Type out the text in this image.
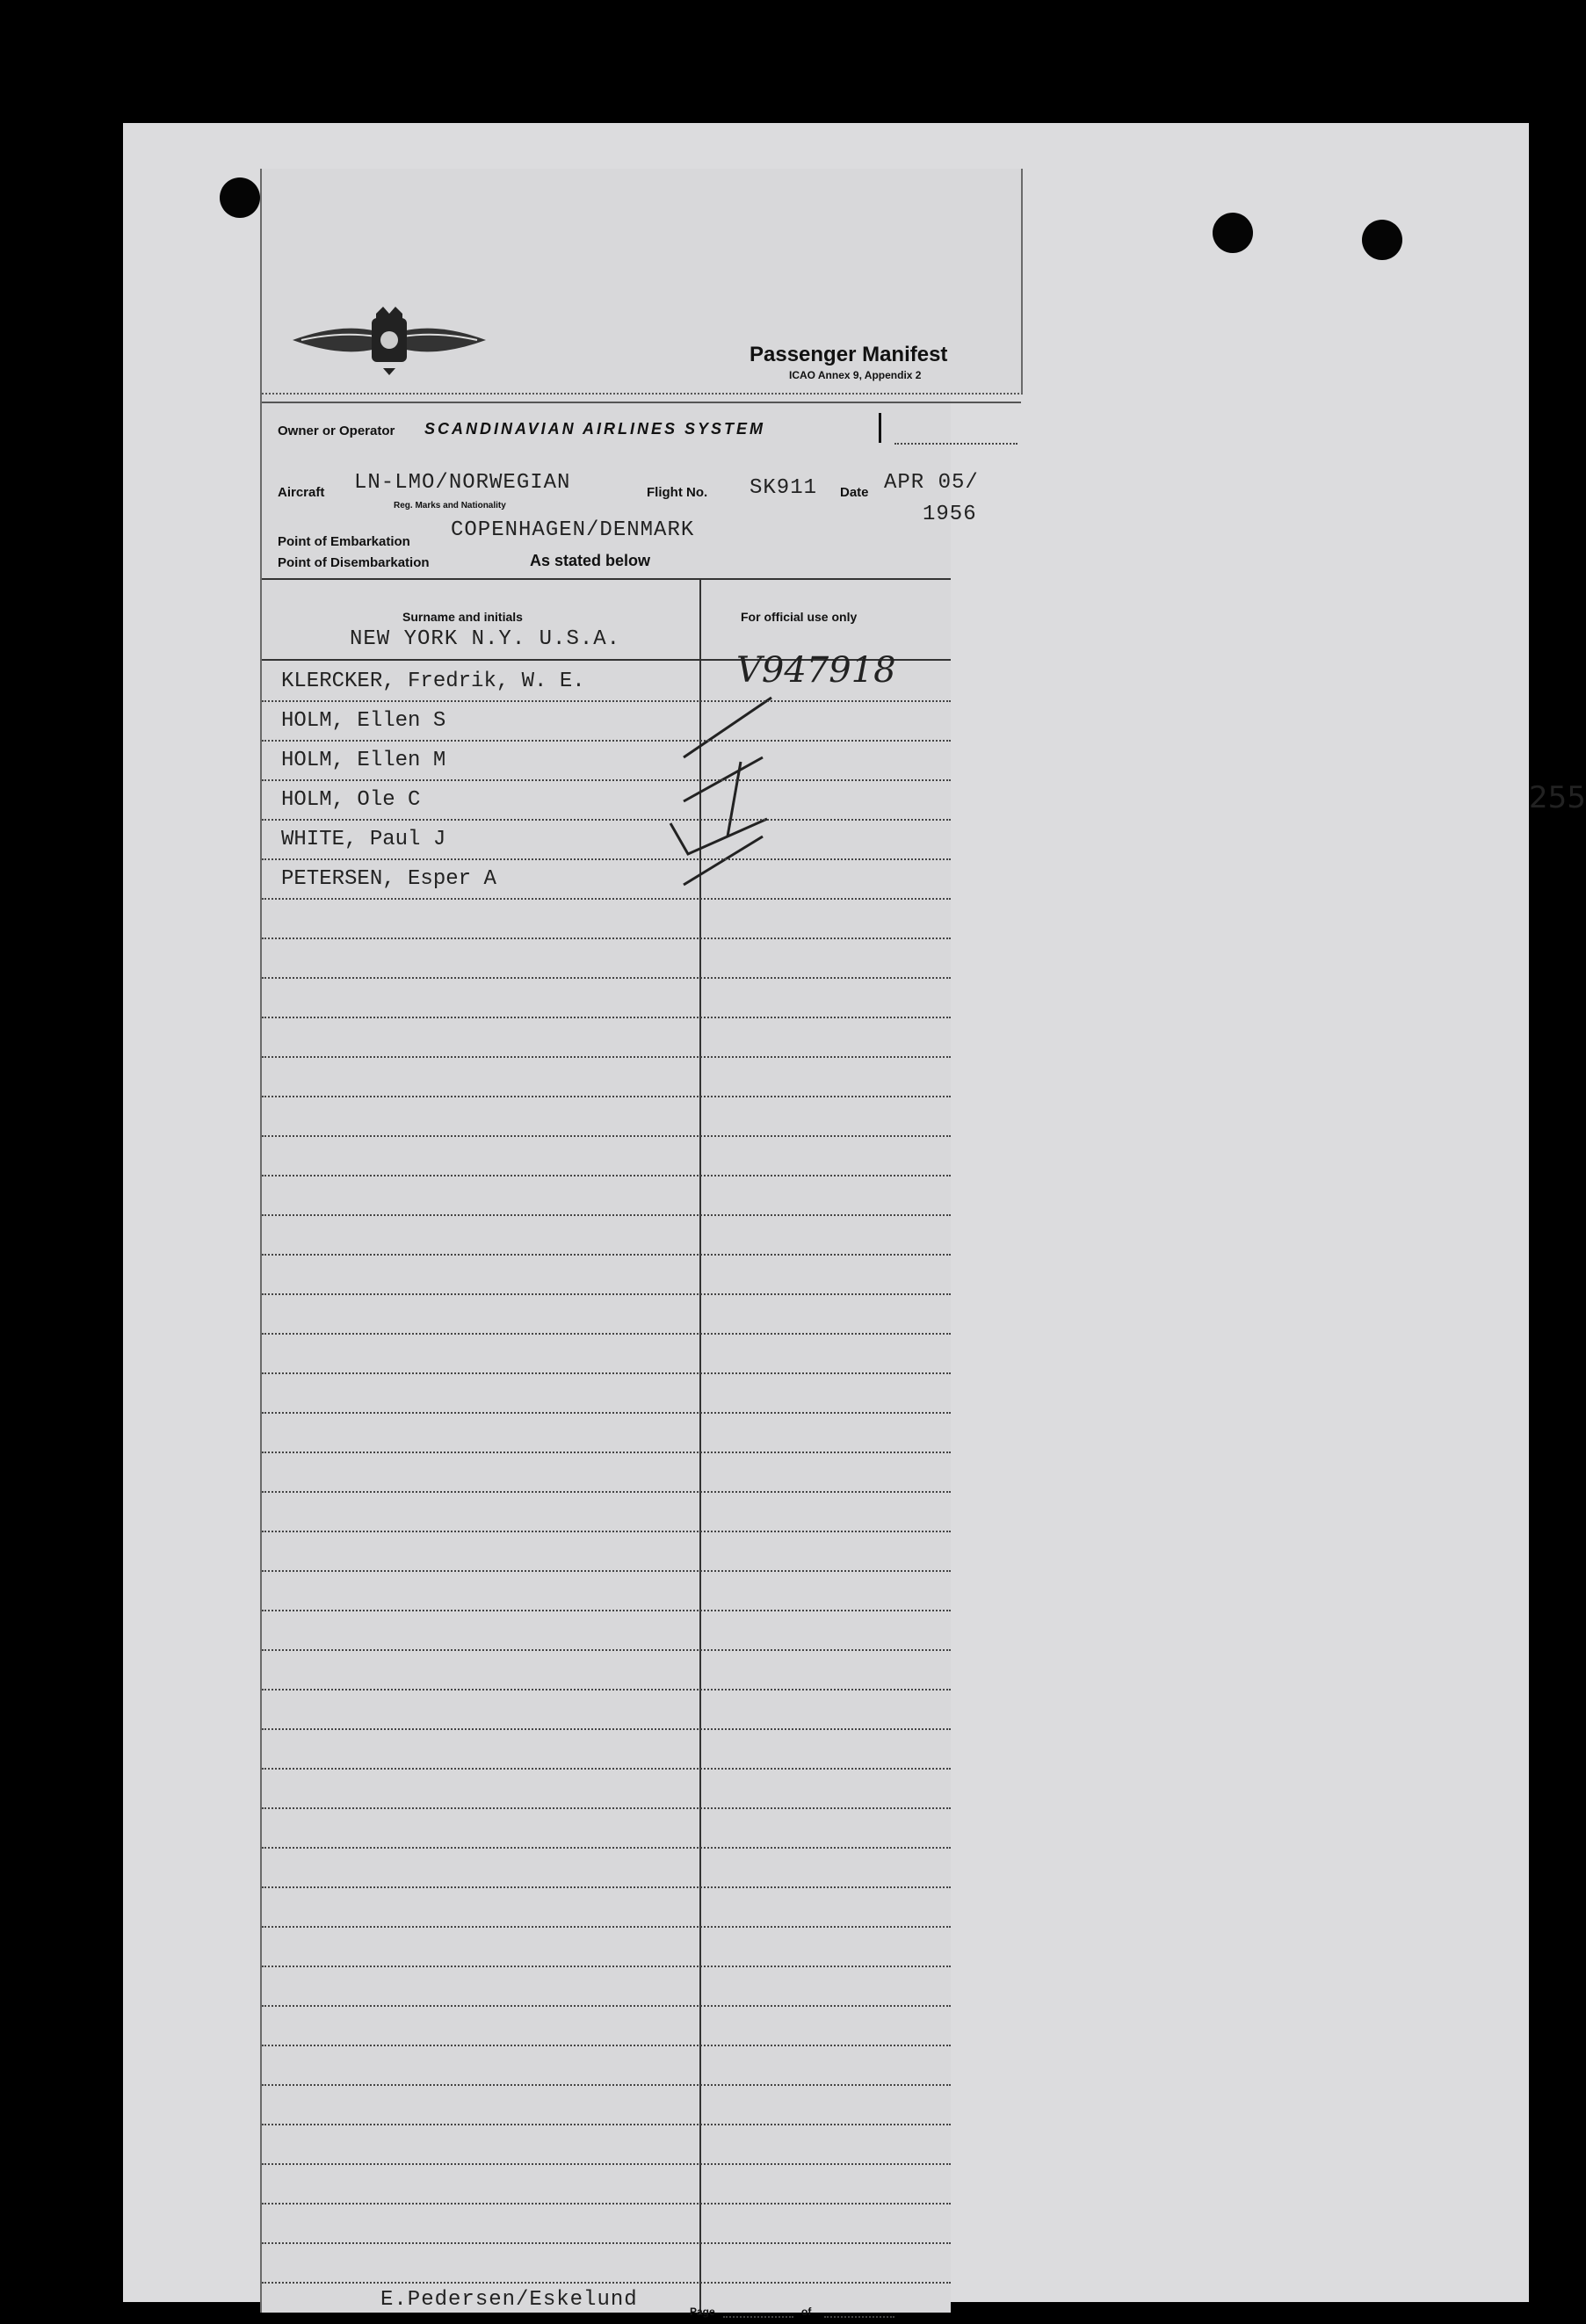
255
Passenger Manifest
ICAO Annex 9, Appendix 2
Owner or Operator SCANDINAVIAN AIRLINES SYSTEM
Aircraft LN-LMO/NORWEGIAN
Reg. Marks and Nationality
Flight No. SK911 Date APR 05/
1956
Point of Embarkation COPENHAGEN/DENMARK
Point of Disembarkation	As stated below
Surname and initials	For official use only
NEW YORK N.Y. U.S.A.
V947918
KLERCKER, Fredrik, W. E.
HOLM, Ellen S
HOLM, Ellen M
HOLM, Ole C
WHITE, Paul J
PETERSEN, Esper A
E.Pedersen/Eskelund	Page	of
